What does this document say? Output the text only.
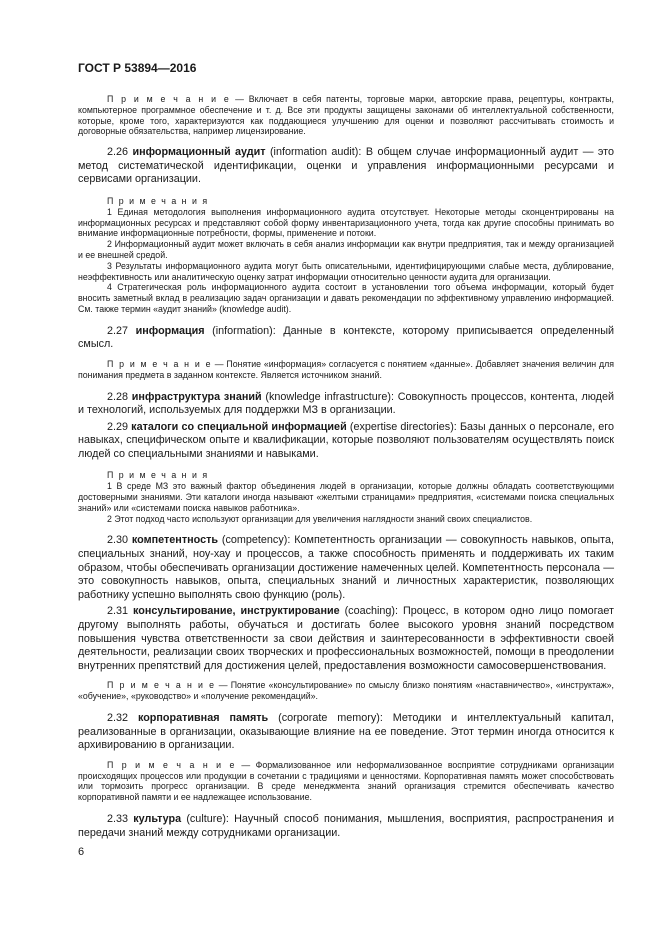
ГОСТ Р 53894—2016

П р и м е ч а н и е — Включает в себя патенты, торговые марки, авторские права, рецептуры, контракты, компьютерное программное обеспечение и т. д. Все эти продукты защищены законами об интеллектуальной собственности, которые, кроме того, характеризуются как поддающиеся улучшению для оценки и позволяют рассчитывать стоимость и договорные обязательства, например лицензирование.

2.26 информационный аудит (information audit): В общем случае информационный аудит — это метод систематической идентификации, оценки и управления информационными ресурсами и сервисами организации.

П р и м е ч а н и я

1 Единая методология выполнения информационного аудита отсутствует. Некоторые методы сконцентрированы на информационных ресурсах и представляют собой форму инвентаризационного учета, тогда как другие способны принимать во внимание информационные потребности, формы, применение и потоки.

2 Информационный аудит может включать в себя анализ информации как внутри предприятия, так и между организацией и ее внешней средой.

3 Результаты информационного аудита могут быть описательными, идентифицирующими слабые места, дублирование, неэффективность или аналитическую оценку затрат информации относительно ценности аудита для организации.

4 Стратегическая роль информационного аудита состоит в установлении того объема информации, который будет вносить заметный вклад в реализацию задач организации и давать рекомендации по эффективному управлению информацией. См. также термин «аудит знаний» (knowledge audit).

2.27 информация (information): Данные в контексте, которому приписывается определенный смысл.

П р и м е ч а н и е — Понятие «информация» согласуется с понятием «данные». Добавляет значения величин для понимания предмета в заданном контексте. Является источником знаний.

2.28 инфраструктура знаний (knowledge infrastructure): Совокупность процессов, контента, людей и технологий, используемых для поддержки МЗ в организации.

2.29 каталоги со специальной информацией (expertise directories): Базы данных о персонале, его навыках, специфическом опыте и квалификации, которые позволяют пользователям осуществлять поиск людей со специальными знаниями и навыками.

П р и м е ч а н и я

1 В среде МЗ это важный фактор объединения людей в организации, которые должны обладать соответствующими достоверными знаниями. Эти каталоги иногда называют «желтыми страницами» предприятия, «системами поиска специальных знаний» или «системами поиска навыков работника».

2 Этот подход часто используют организации для увеличения наглядности знаний своих специалистов.

2.30 компетентность (competency): Компетентность организации — совокупность навыков, опыта, специальных знаний, ноу-хау и процессов, а также способность применять и поддерживать их таким образом, чтобы обеспечивать организации достижение намеченных целей. Компетентность персонала — это совокупность навыков, опыта, специальных знаний и личностных характеристик, позволяющих работнику успешно выполнять свою функцию (роль).

2.31 консультирование, инструктирование (coaching): Процесс, в котором одно лицо помогает другому выполнять работы, обучаться и достигать более высокого уровня знаний посредством повышения чувства ответственности за свои действия и заинтересованности в эффективности своей деятельности, реализации своих творческих и профессиональных возможностей, помощи в преодолении внутренних препятствий для достижения целей, предоставления возможности самосовершенствования.

П р и м е ч а н и е — Понятие «консультирование» по смыслу близко понятиям «наставничество», «инструктаж», «обучение», «руководство» и «получение рекомендаций».

2.32 корпоративная память (corporate memory): Методики и интеллектуальный капитал, реализованные в организации, оказывающие влияние на ее поведение. Этот термин иногда относится к архивированию в организации.

П р и м е ч а н и е — Формализованное или неформализованное восприятие сотрудниками организации происходящих процессов или продукции в сочетании с традициями и ценностями. Корпоративная память может способствовать или тормозить прогресс организации. В среде менеджмента знаний организация стремится обеспечивать качество корпоративной памяти и ее надлежащее использование.

2.33 культура (culture): Научный способ понимания, мышления, восприятия, распространения и передачи знаний между сотрудниками организации.

6
